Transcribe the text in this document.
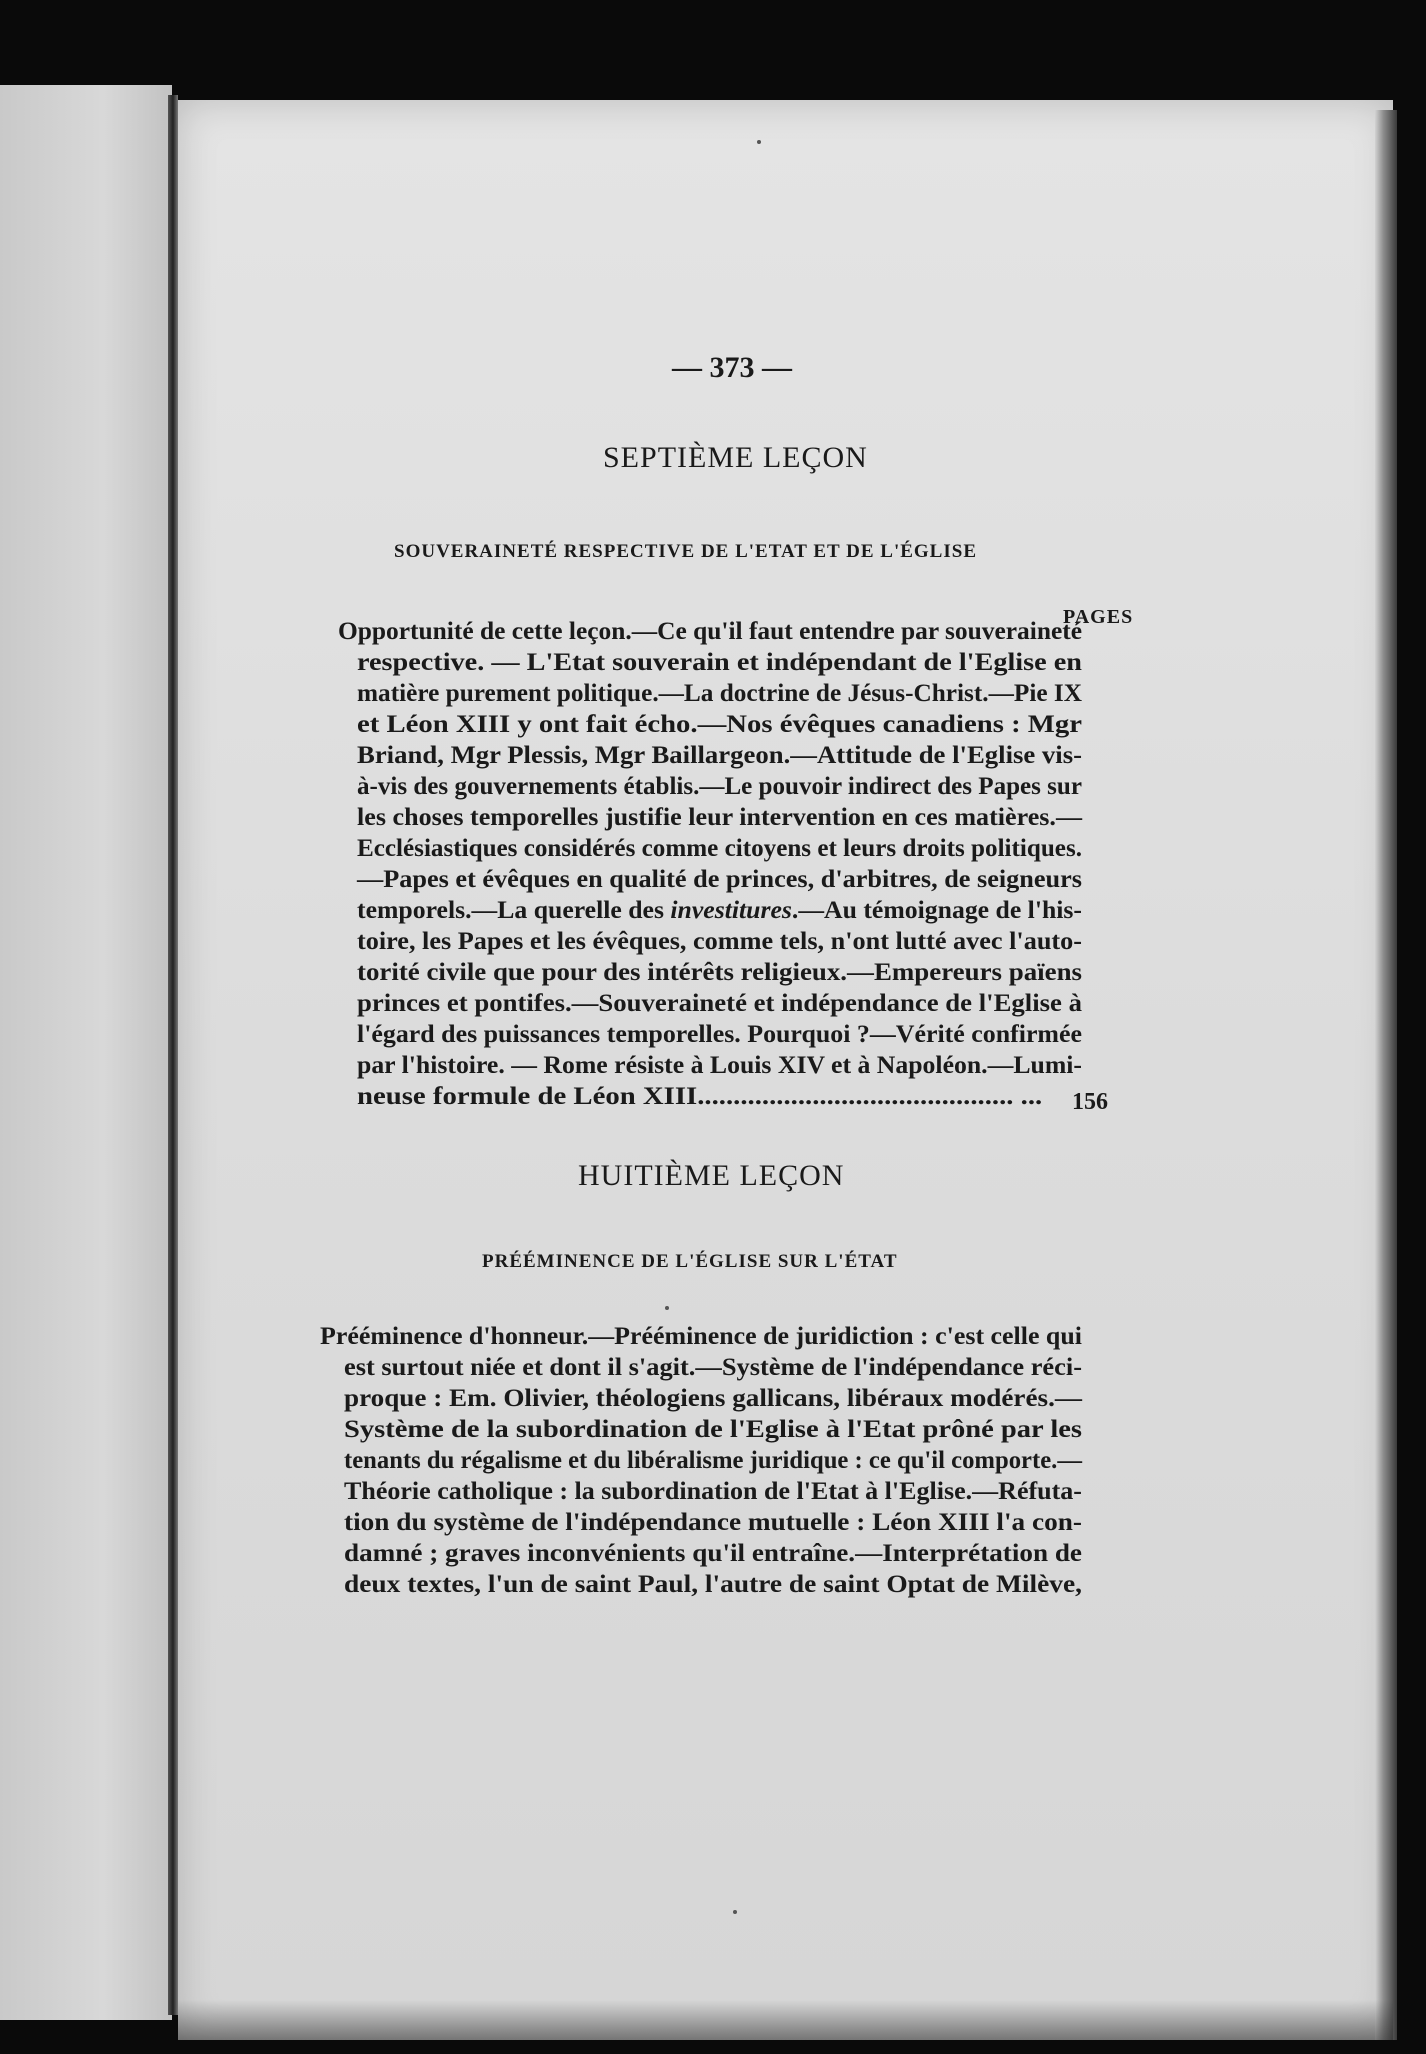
— 373 —
SEPTIÈME LEÇON
SOUVERAINETÉ RESPECTIVE DE L'ETAT ET DE L'ÉGLISE
PAGES
Opportunité de cette leçon.—Ce qu'il faut entendre par souveraineté
respective. — L'Etat souverain et indépendant de l'Eglise en
matière purement politique.—La doctrine de Jésus-Christ.—Pie IX
et Léon XIII y ont fait écho.—Nos évêques canadiens : Mgr
Briand, Mgr Plessis, Mgr Baillargeon.—Attitude de l'Eglise vis-
à-vis des gouvernements établis.—Le pouvoir indirect des Papes sur
les choses temporelles justifie leur intervention en ces matières.—
Ecclésiastiques considérés comme citoyens et leurs droits politiques.
—Papes et évêques en qualité de princes, d'arbitres, de seigneurs
temporels.—La querelle des investitures.—Au témoignage de l'his-
toire, les Papes et les évêques, comme tels, n'ont lutté avec l'auto-
torité civile que pour des intérêts religieux.—Empereurs païens
princes et pontifes.—Souveraineté et indépendance de l'Eglise à
l'égard des puissances temporelles. Pourquoi ?—Vérité confirmée
par l'histoire. — Rome résiste à Louis XIV et à Napoléon.—Lumi-
neuse formule de Léon XIII............................................ ... 156
HUITIÈME LEÇON
PRÉÉMINENCE DE L'ÉGLISE SUR L'ÉTAT
Prééminence d'honneur.—Prééminence de juridiction : c'est celle qui
est surtout niée et dont il s'agit.—Système de l'indépendance réci-
proque : Em. Olivier, théologiens gallicans, libéraux modérés.—
Système de la subordination de l'Eglise à l'Etat prôné par les
tenants du régalisme et du libéralisme juridique : ce qu'il comporte.—
Théorie catholique : la subordination de l'Etat à l'Eglise.—Réfuta-
tion du système de l'indépendance mutuelle : Léon XIII l'a con-
damné ; graves inconvénients qu'il entraîne.—Interprétation de
deux textes, l'un de saint Paul, l'autre de saint Optat de Milève,
